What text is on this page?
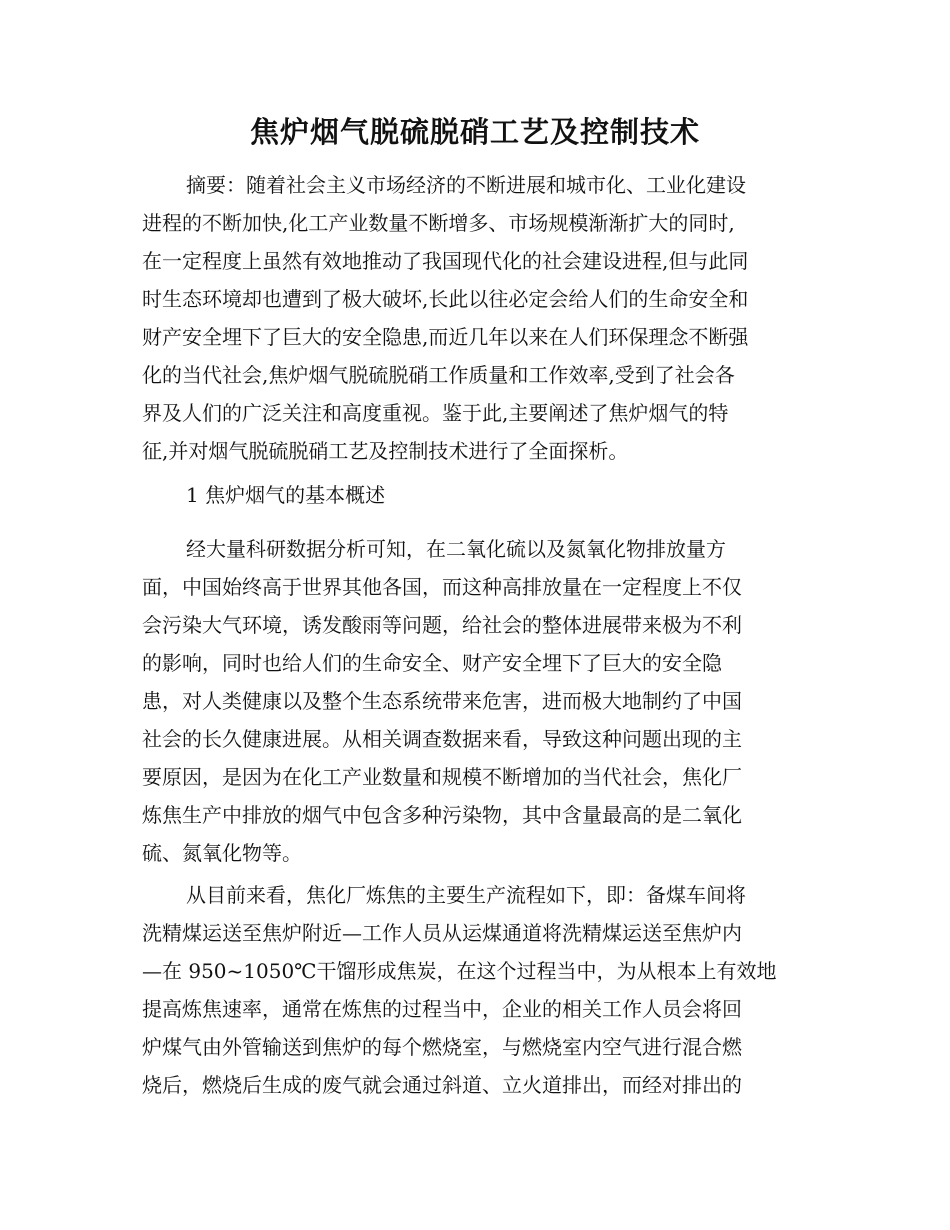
焦炉烟气脱硫脱硝工艺及控制技术
摘要：随着社会主义市场经济的不断进展和城市化、工业化建设
进程的不断加快,化工产业数量不断增多、市场规模渐渐扩大的同时,
在一定程度上虽然有效地推动了我国现代化的社会建设进程,但与此同
时生态环境却也遭到了极大破坏,长此以往必定会给人们的生命安全和
财产安全埋下了巨大的安全隐患,而近几年以来在人们环保理念不断强
化的当代社会,焦炉烟气脱硫脱硝工作质量和工作效率,受到了社会各
界及人们的广泛关注和高度重视。鉴于此,主要阐述了焦炉烟气的特
征,并对烟气脱硫脱硝工艺及控制技术进行了全面探析。
1 焦炉烟气的基本概述
经大量科研数据分析可知，在二氧化硫以及氮氧化物排放量方
面，中国始终高于世界其他各国，而这种高排放量在一定程度上不仅
会污染大气环境，诱发酸雨等问题，给社会的整体进展带来极为不利
的影响，同时也给人们的生命安全、财产安全埋下了巨大的安全隐
患，对人类健康以及整个生态系统带来危害，进而极大地制约了中国
社会的长久健康进展。从相关调查数据来看，导致这种问题出现的主
要原因，是因为在化工产业数量和规模不断增加的当代社会，焦化厂
炼焦生产中排放的烟气中包含多种污染物，其中含量最高的是二氧化
硫、氮氧化物等。
从目前来看，焦化厂炼焦的主要生产流程如下，即：备煤车间将
洗精煤运送至焦炉附近—工作人员从运煤通道将洗精煤运送至焦炉内
—在 950~1050℃干馏形成焦炭，在这个过程当中，为从根本上有效地
提高炼焦速率，通常在炼焦的过程当中，企业的相关工作人员会将回
炉煤气由外管输送到焦炉的每个燃烧室，与燃烧室内空气进行混合燃
烧后，燃烧后生成的废气就会通过斜道、立火道排出，而经对排出的
